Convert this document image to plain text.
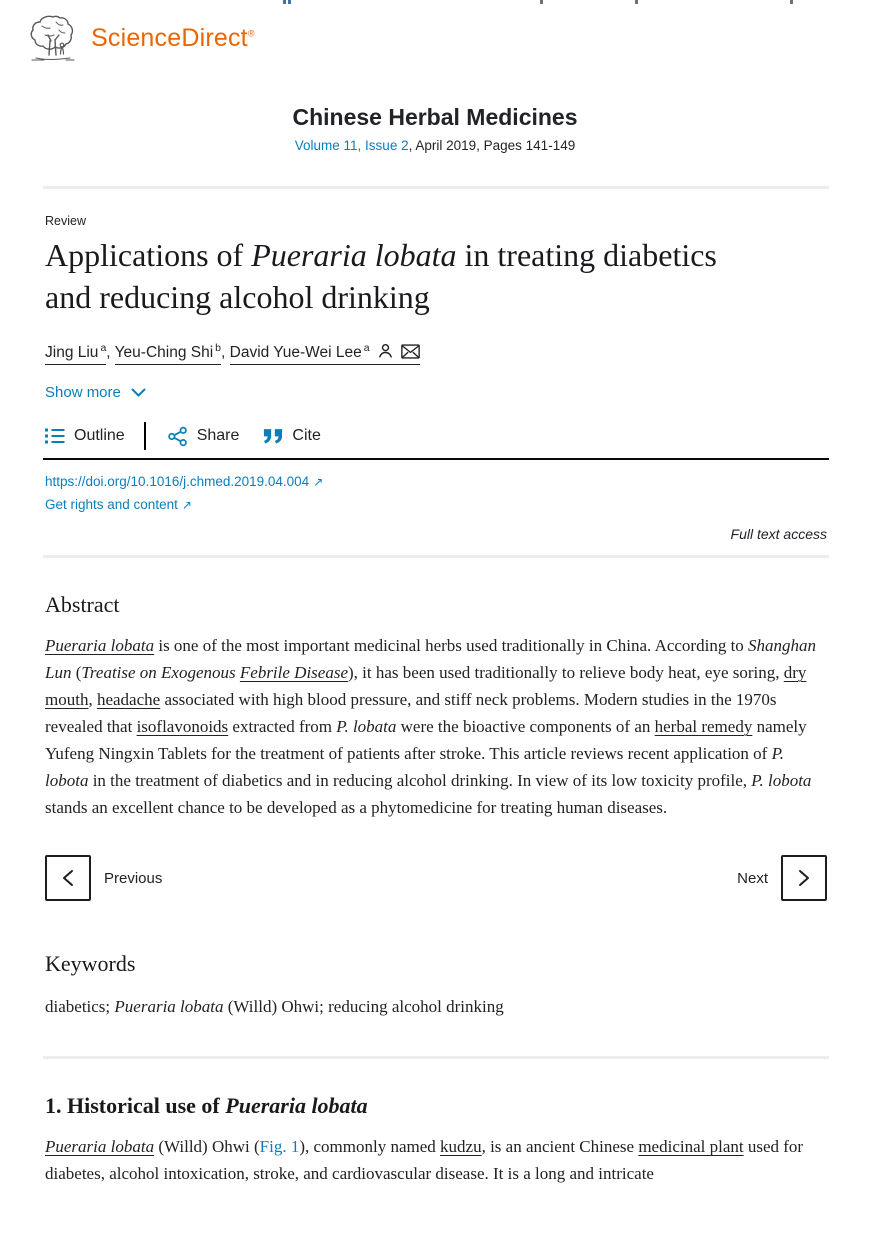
ScienceDirect®
Chinese Herbal Medicines
Volume 11, Issue 2, April 2019, Pages 141-149
Review
Applications of Pueraria lobata in treating diabetics and reducing alcohol drinking
Jing Liu $^a$, Yeu-Ching Shi $^b$, David Yue-Wei Lee $^a$
Show more
Outline	Share	Cite
https://doi.org/10.1016/j.chmed.2019.04.004 ↗
Get rights and content ↗
Full text access
Abstract

Pueraria lobata is one of the most important medicinal herbs used traditionally in China. According to Shanghan Lun (Treatise on Exogenous Febrile Disease), it has been used traditionally to relieve body heat, eye soring, dry mouth, headache associated with high blood pressure, and stiff neck problems. Modern studies in the 1970s revealed that isoflavonoids extracted from P. lobata were the bioactive components of an herbal remedy namely Yufeng Ningxin Tablets for the treatment of patients after stroke. This article reviews recent application of P. lobota in the treatment of diabetics and in reducing alcohol drinking. In view of its low toxicity profile, P. lobota stands an excellent chance to be developed as a phytomedicine for treating human diseases.

Previous	Next
Keywords

diabetics; Pueraria lobata (Willd) Ohwi; reducing alcohol drinking

1. Historical use of Pueraria lobata

Pueraria lobata (Willd) Ohwi (Fig. 1), commonly named kudzu, is an ancient Chinese medicinal plant used for diabetes, alcohol intoxication, stroke, and cardiovascular disease. It is a long and intricate
